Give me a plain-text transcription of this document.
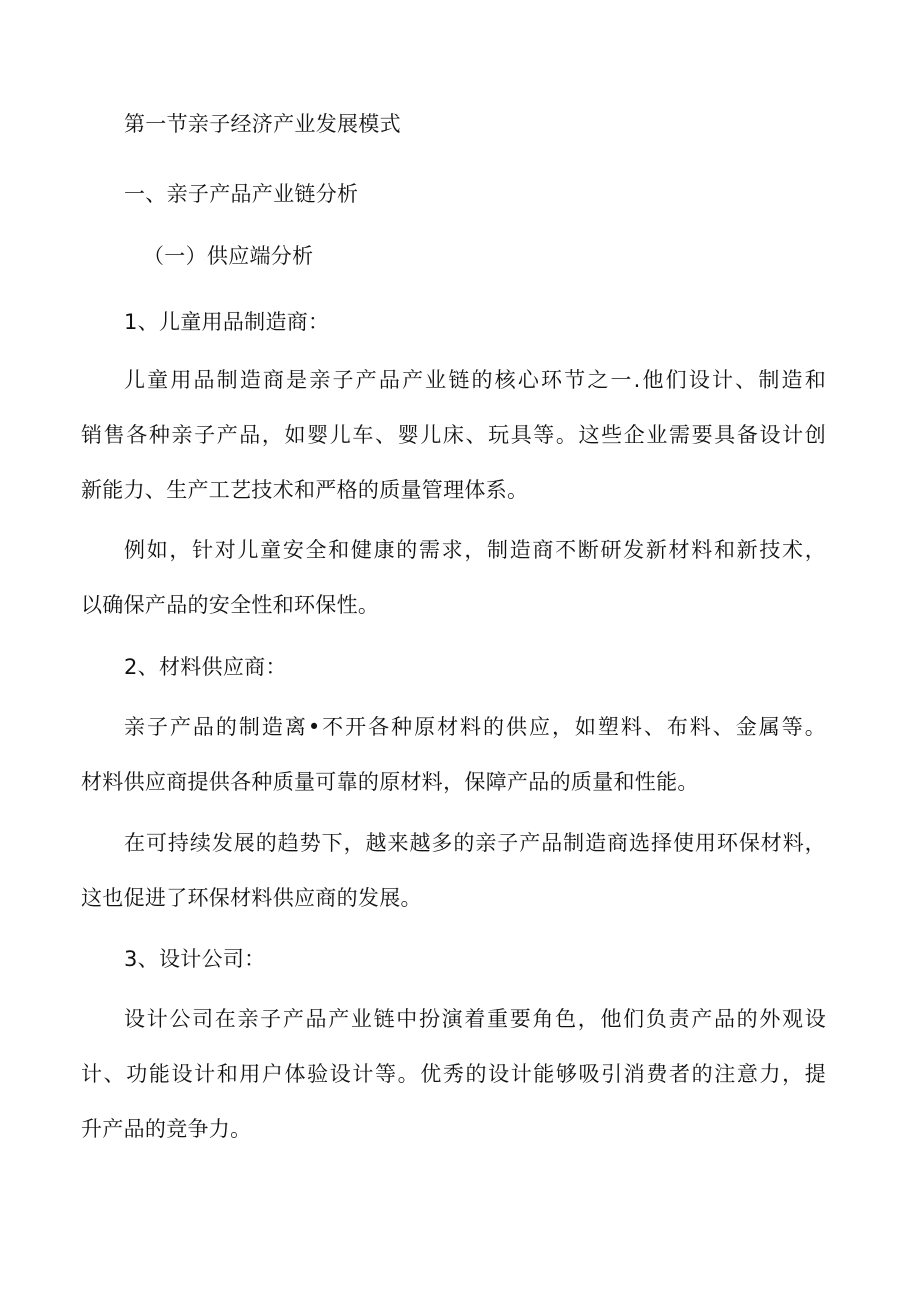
第一节亲子经济产业发展模式
一、亲子产品产业链分析
（一）供应端分析
1、儿童用品制造商：
儿童用品制造商是亲子产品产业链的核心环节之一.他们设计、制造和
销售各种亲子产品，如婴儿车、婴儿床、玩具等。这些企业需要具备设计创
新能力、生产工艺技术和严格的质量管理体系。
例如，针对儿童安全和健康的需求，制造商不断研发新材料和新技术，
以确保产品的安全性和环保性。
2、材料供应商：
亲子产品的制造离•不开各种原材料的供应，如塑料、布料、金属等。
材料供应商提供各种质量可靠的原材料，保障产品的质量和性能。
在可持续发展的趋势下，越来越多的亲子产品制造商选择使用环保材料，
这也促进了环保材料供应商的发展。
3、设计公司：
设计公司在亲子产品产业链中扮演着重要角色，他们负责产品的外观设
计、功能设计和用户体验设计等。优秀的设计能够吸引消费者的注意力，提
升产品的竞争力。
